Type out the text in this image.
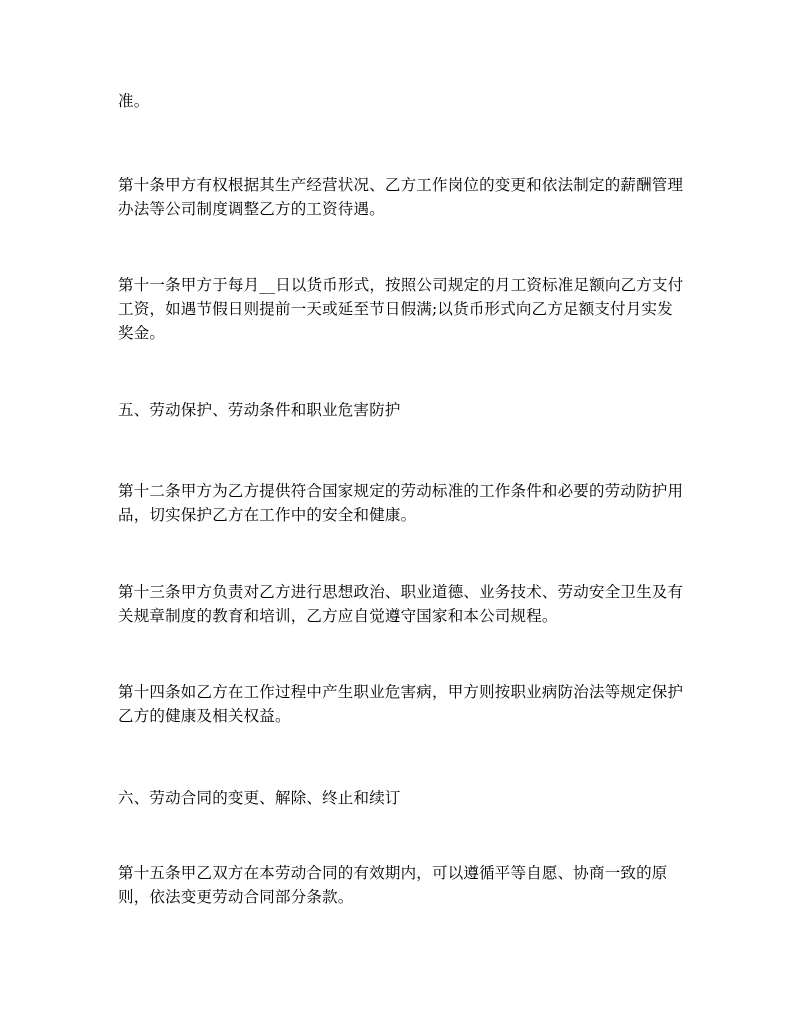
准。

第十条甲方有权根据其生产经营状况、乙方工作岗位的变更和依法制定的薪酬管理
办法等公司制度调整乙方的工资待遇。

第十一条甲方于每月__日以货币形式，按照公司规定的月工资标准足额向乙方支付
工资，如遇节假日则提前一天或延至节日假满;以货币形式向乙方足额支付月实发
奖金。

五、劳动保护、劳动条件和职业危害防护

第十二条甲方为乙方提供符合国家规定的劳动标准的工作条件和必要的劳动防护用
品，切实保护乙方在工作中的安全和健康。

第十三条甲方负责对乙方进行思想政治、职业道德、业务技术、劳动安全卫生及有
关规章制度的教育和培训，乙方应自觉遵守国家和本公司规程。

第十四条如乙方在工作过程中产生职业危害病，甲方则按职业病防治法等规定保护
乙方的健康及相关权益。

六、劳动合同的变更、解除、终止和续订

第十五条甲乙双方在本劳动合同的有效期内，可以遵循平等自愿、协商一致的原
则，依法变更劳动合同部分条款。
